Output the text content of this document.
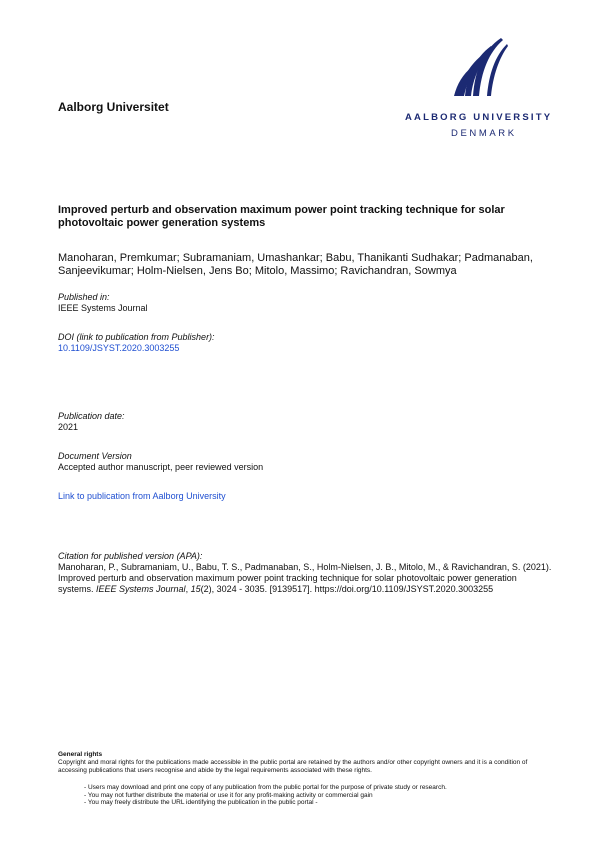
Aalborg Universitet
AALBORG UNIVERSITY
DENMARK
Improved perturb and observation maximum power point tracking technique for solar photovoltaic power generation systems
Manoharan, Premkumar; Subramaniam, Umashankar; Babu, Thanikanti Sudhakar; Padmanaban, Sanjeevikumar; Holm-Nielsen, Jens Bo; Mitolo, Massimo; Ravichandran, Sowmya
Published in:
IEEE Systems Journal
DOI (link to publication from Publisher):
10.1109/JSYST.2020.3003255
Publication date:
2021
Document Version
Accepted author manuscript, peer reviewed version
Link to publication from Aalborg University
Citation for published version (APA):
Manoharan, P., Subramaniam, U., Babu, T. S., Padmanaban, S., Holm-Nielsen, J. B., Mitolo, M., & Ravichandran, S. (2021). Improved perturb and observation maximum power point tracking technique for solar photovoltaic power generation systems. IEEE Systems Journal, 15(2), 3024 - 3035. [9139517]. https://doi.org/10.1109/JSYST.2020.3003255
General rights
Copyright and moral rights for the publications made accessible in the public portal are retained by the authors and/or other copyright owners and it is a condition of accessing publications that users recognise and abide by the legal requirements associated with these rights.
- Users may download and print one copy of any publication from the public portal for the purpose of private study or research.
- You may not further distribute the material or use it for any profit-making activity or commercial gain
- You may freely distribute the URL identifying the publication in the public portal -
